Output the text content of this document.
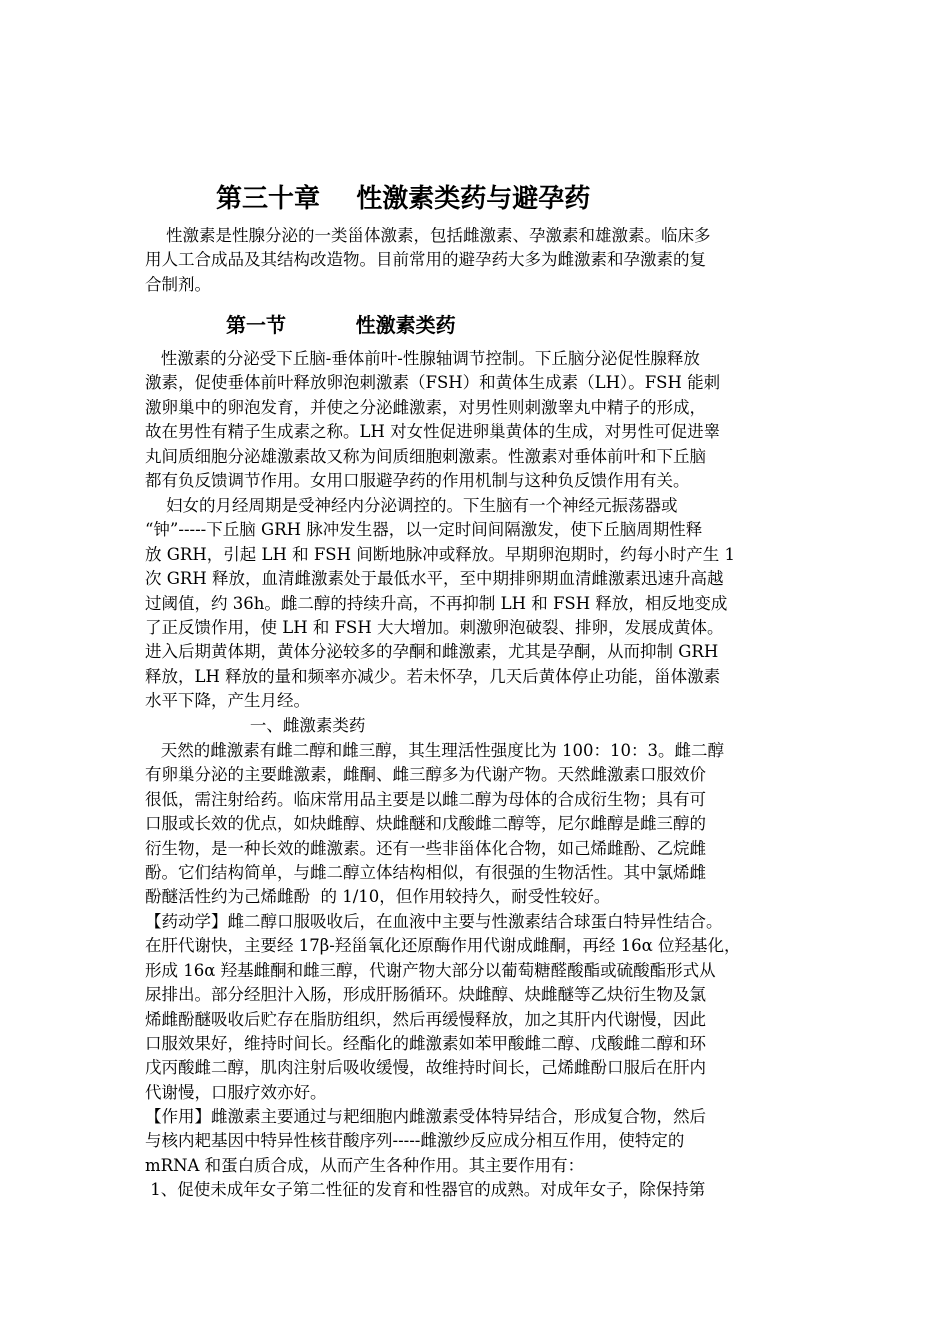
第三十章    性激素类药与避孕药
性激素是性腺分泌的一类甾体激素，包括雌激素、孕激素和雄激素。临床多
用人工合成品及其结构改造物。目前常用的避孕药大多为雌激素和孕激素的复
合制剂。
第一节          性激素类药
性激素的分泌受下丘脑-垂体前叶-性腺轴调节控制。下丘脑分泌促性腺释放
激素，促使垂体前叶释放卵泡刺激素（FSH）和黄体生成素（LH）。FSH 能刺
激卵巢中的卵泡发育，并使之分泌雌激素，对男性则刺激睾丸中精子的形成，
故在男性有精子生成素之称。LH 对女性促进卵巢黄体的生成，对男性可促进睾
丸间质细胞分泌雄激素故又称为间质细胞刺激素。性激素对垂体前叶和下丘脑
都有负反馈调节作用。女用口服避孕药的作用机制与这种负反馈作用有关。
妇女的月经周期是受神经内分泌调控的。下生脑有一个神经元振荡器或
“钟”-----下丘脑 GRH 脉冲发生器，以一定时间间隔激发，使下丘脑周期性释
放 GRH，引起 LH 和 FSH 间断地脉冲或释放。早期卵泡期时，约每小时产生 1
次 GRH 释放，血清雌激素处于最低水平，至中期排卵期血清雌激素迅速升高越
过阈值，约 36h。雌二醇的持续升高，不再抑制 LH 和 FSH 释放，相反地变成
了正反馈作用，使 LH 和 FSH 大大增加。刺激卵泡破裂、排卵，发展成黄体。
进入后期黄体期，黄体分泌较多的孕酮和雌激素，尤其是孕酮，从而抑制 GRH
释放，LH 释放的量和频率亦减少。若未怀孕，几天后黄体停止功能，甾体激素
水平下降，产生月经。
一、雌激素类药
天然的雌激素有雌二醇和雌三醇，其生理活性强度比为 100：10：3。雌二醇
有卵巢分泌的主要雌激素，雌酮、雌三醇多为代谢产物。天然雌激素口服效价
很低，需注射给药。临床常用品主要是以雌二醇为母体的合成衍生物；具有可
口服或长效的优点，如炔雌醇、炔雌醚和戊酸雌二醇等，尼尔雌醇是雌三醇的
衍生物，是一种长效的雌激素。还有一些非甾体化合物，如己烯雌酚、乙烷雌
酚。它们结构简单，与雌二醇立体结构相似，有很强的生物活性。其中氯烯雌
酚醚活性约为己烯雌酚  的 1/10，但作用较持久，耐受性较好。
【药动学】雌二醇口服吸收后，在血液中主要与性激素结合球蛋白特异性结合。
在肝代谢快，主要经 17β-羟甾氧化还原酶作用代谢成雌酮，再经 16α 位羟基化，
形成 16α 羟基雌酮和雌三醇，代谢产物大部分以葡萄糖醛酸酯或硫酸酯形式从
尿排出。部分经胆汁入肠，形成肝肠循环。炔雌醇、炔雌醚等乙炔衍生物及氯
烯雌酚醚吸收后贮存在脂肪组织，然后再缓慢释放，加之其肝内代谢慢，因此
口服效果好，维持时间长。经酯化的雌激素如苯甲酸雌二醇、戊酸雌二醇和环
戊丙酸雌二醇，肌肉注射后吸收缓慢，故维持时间长，己烯雌酚口服后在肝内
代谢慢，口服疗效亦好。
【作用】雌激素主要通过与耙细胞内雌激素受体特异结合，形成复合物，然后
与核内耙基因中特异性核苷酸序列-----雌激纱反应成分相互作用，使特定的
mRNA 和蛋白质合成，从而产生各种作用。其主要作用有：
1、促使未成年女子第二性征的发育和性器官的成熟。对成年女子，除保持第
